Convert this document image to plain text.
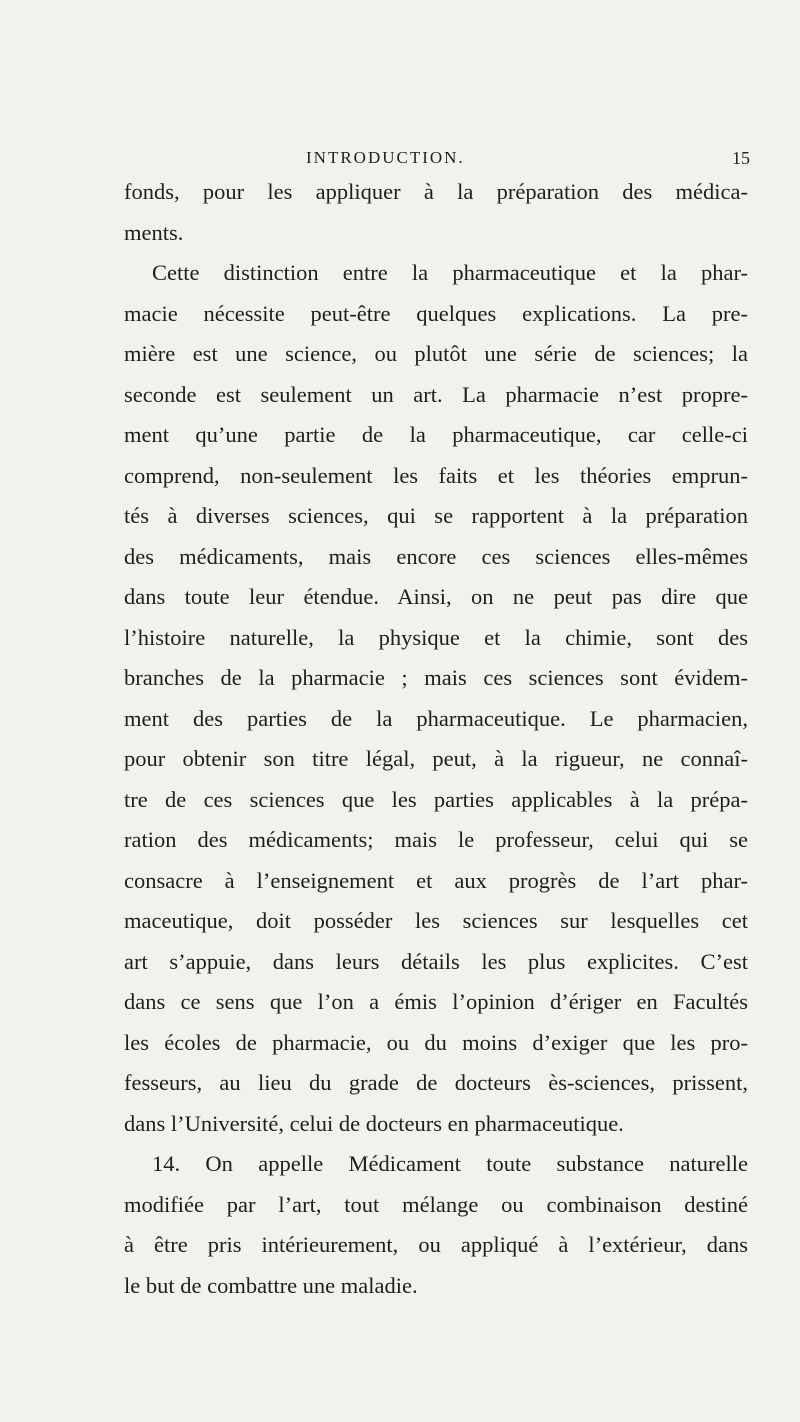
INTRODUCTION.	15
fonds, pour les appliquer à la préparation des médica-
ments.
Cette distinction entre la pharmaceutique et la phar-
macie nécessite peut-être quelques explications. La pre-
mière est une science, ou plutôt une série de sciences; la
seconde est seulement un art. La pharmacie n’est propre-
ment qu’une partie de la pharmaceutique, car celle-ci
comprend, non-seulement les faits et les théories emprun-
tés à diverses sciences, qui se rapportent à la préparation
des médicaments, mais encore ces sciences elles-mêmes
dans toute leur étendue. Ainsi, on ne peut pas dire que
l’histoire naturelle, la physique et la chimie, sont des
branches de la pharmacie ; mais ces sciences sont évidem-
ment des parties de la pharmaceutique. Le pharmacien,
pour obtenir son titre légal, peut, à la rigueur, ne connaî-
tre de ces sciences que les parties applicables à la prépa-
ration des médicaments; mais le professeur, celui qui se
consacre à l’enseignement et aux progrès de l’art phar-
maceutique, doit posséder les sciences sur lesquelles cet
art s’appuie, dans leurs détails les plus explicites. C’est
dans ce sens que l’on a émis l’opinion d’ériger en Facultés
les écoles de pharmacie, ou du moins d’exiger que les pro-
fesseurs, au lieu du grade de docteurs ès-sciences, prissent,
dans l’Université, celui de docteurs en pharmaceutique.
14. On appelle Médicament toute substance naturelle
modifiée par l’art, tout mélange ou combinaison destiné
à être pris intérieurement, ou appliqué à l’extérieur, dans
le but de combattre une maladie.
